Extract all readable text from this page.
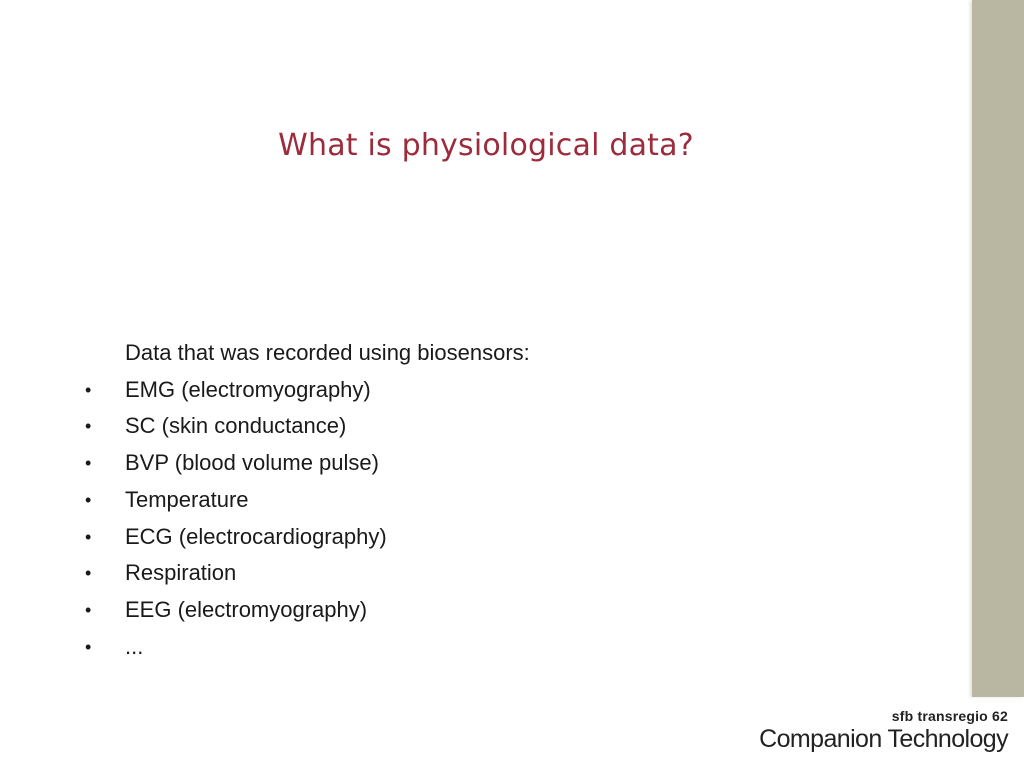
What is physiological data?
Data that was recorded using biosensors:
•	EMG (electromyography)
•	SC (skin conductance)
•	BVP (blood volume pulse)
•	Temperature
•	ECG (electrocardiography)
•	Respiration
•	EEG (electromyography)
•	...
sfb transregio 62
Companion Technology
